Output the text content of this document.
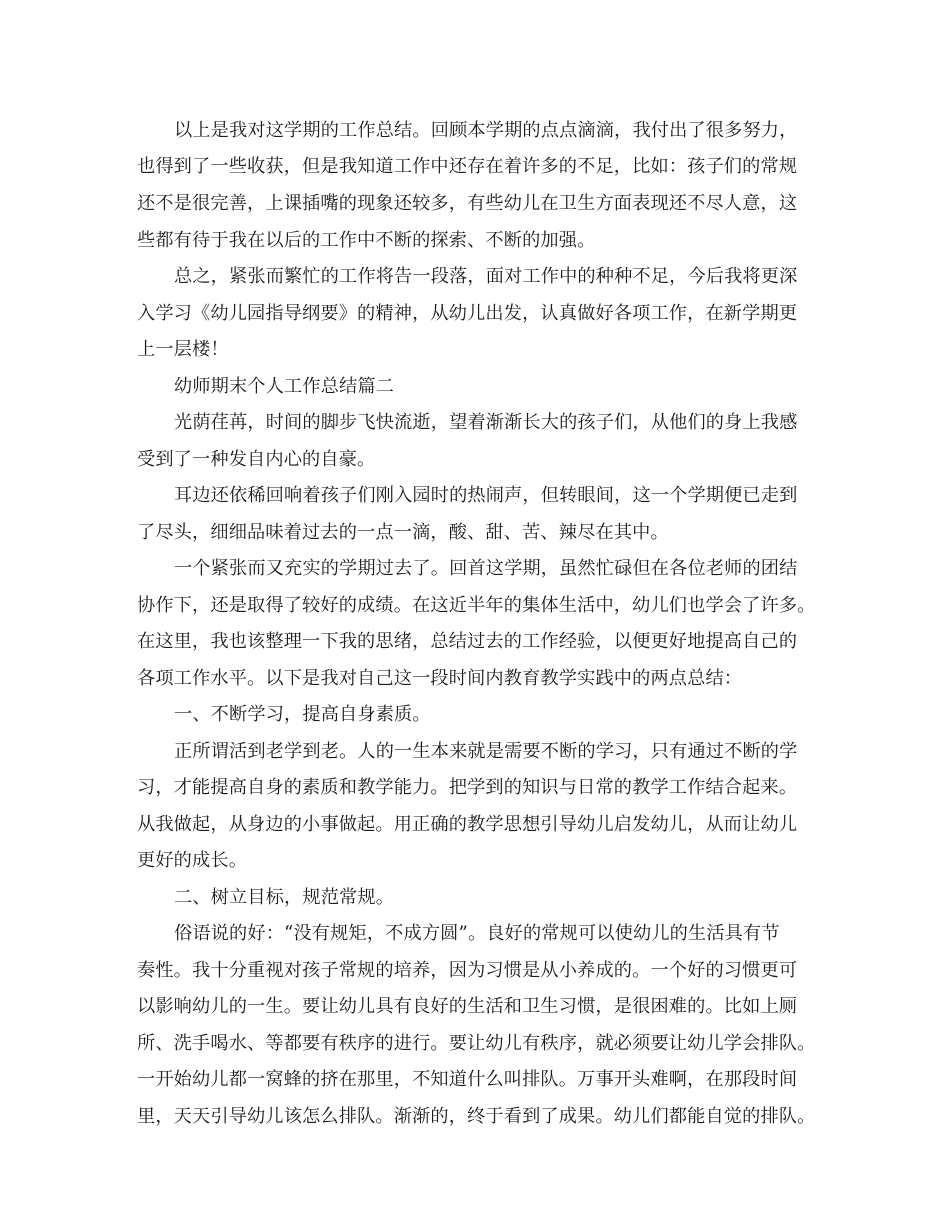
以上是我对这学期的工作总结。回顾本学期的点点滴滴，我付出了很多努力，
也得到了一些收获，但是我知道工作中还存在着许多的不足，比如：孩子们的常规
还不是很完善，上课插嘴的现象还较多，有些幼儿在卫生方面表现还不尽人意，这
些都有待于我在以后的工作中不断的探索、不断的加强。
总之，紧张而繁忙的工作将告一段落，面对工作中的种种不足，今后我将更深
入学习《幼儿园指导纲要》的精神，从幼儿出发，认真做好各项工作，在新学期更
上一层楼！
幼师期末个人工作总结篇二
光荫荏苒，时间的脚步飞快流逝，望着渐渐长大的孩子们，从他们的身上我感
受到了一种发自内心的自豪。
耳边还依稀回响着孩子们刚入园时的热闹声，但转眼间，这一个学期便已走到
了尽头，细细品味着过去的一点一滴，酸、甜、苦、辣尽在其中。
一个紧张而又充实的学期过去了。回首这学期，虽然忙碌但在各位老师的团结
协作下，还是取得了较好的成绩。在这近半年的集体生活中，幼儿们也学会了许多。
在这里，我也该整理一下我的思绪，总结过去的工作经验，以便更好地提高自己的
各项工作水平。以下是我对自己这一段时间内教育教学实践中的两点总结：
一、不断学习，提高自身素质。
正所谓活到老学到老。人的一生本来就是需要不断的学习，只有通过不断的学
习，才能提高自身的素质和教学能力。把学到的知识与日常的教学工作结合起来。
从我做起，从身边的小事做起。用正确的教学思想引导幼儿启发幼儿，从而让幼儿
更好的成长。
二、树立目标，规范常规。
俗语说的好：“没有规矩，不成方圆”。良好的常规可以使幼儿的生活具有节
奏性。我十分重视对孩子常规的培养，因为习惯是从小养成的。一个好的习惯更可
以影响幼儿的一生。要让幼儿具有良好的生活和卫生习惯，是很困难的。比如上厕
所、洗手喝水、等都要有秩序的进行。要让幼儿有秩序，就必须要让幼儿学会排队。
一开始幼儿都一窝蜂的挤在那里，不知道什么叫排队。万事开头难啊，在那段时间
里，天天引导幼儿该怎么排队。渐渐的，终于看到了成果。幼儿们都能自觉的排队。
